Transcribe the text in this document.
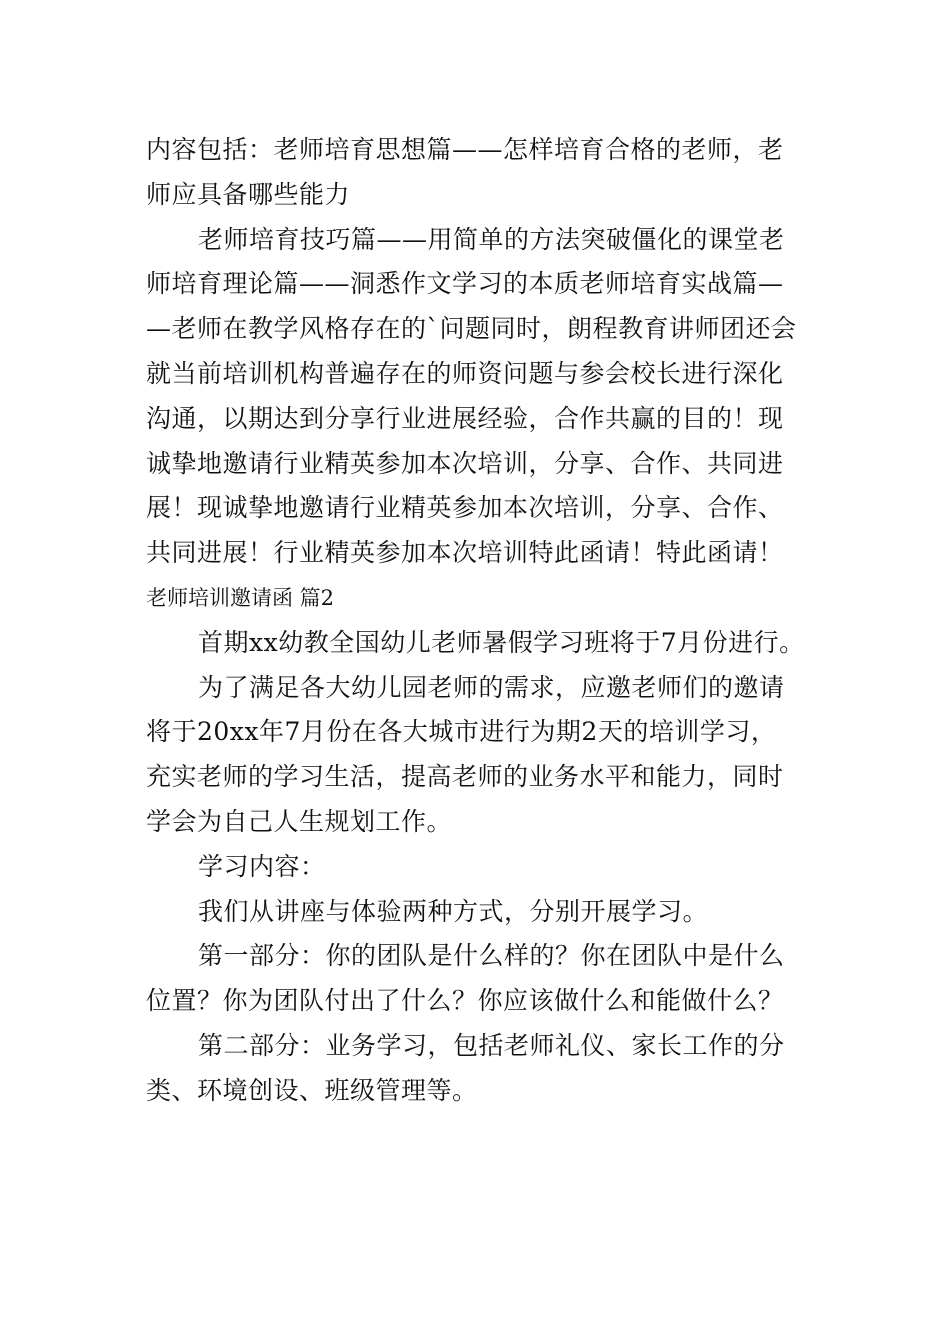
内容包括：老师培育思想篇——怎样培育合格的老师，老
师应具备哪些能力
老师培育技巧篇——用简单的方法突破僵化的课堂老
师培育理论篇——洞悉作文学习的本质老师培育实战篇—
—老师在教学风格存在的`问题同时，朗程教育讲师团还会
就当前培训机构普遍存在的师资问题与参会校长进行深化
沟通，以期达到分享行业进展经验，合作共赢的目的！现
诚挚地邀请行业精英参加本次培训，分享、合作、共同进
展！现诚挚地邀请行业精英参加本次培训，分享、合作、
共同进展！行业精英参加本次培训特此函请！特此函请！
老师培训邀请函 篇2
首期xx幼教全国幼儿老师暑假学习班将于7月份进行。
为了满足各大幼儿园老师的需求，应邀老师们的邀请
将于20xx年7月份在各大城市进行为期2天的培训学习，
充实老师的学习生活，提高老师的业务水平和能力，同时
学会为自己人生规划工作。
学习内容：
我们从讲座与体验两种方式，分别开展学习。
第一部分：你的团队是什么样的？你在团队中是什么
位置？你为团队付出了什么？你应该做什么和能做什么？
第二部分：业务学习，包括老师礼仪、家长工作的分
类、环境创设、班级管理等。
